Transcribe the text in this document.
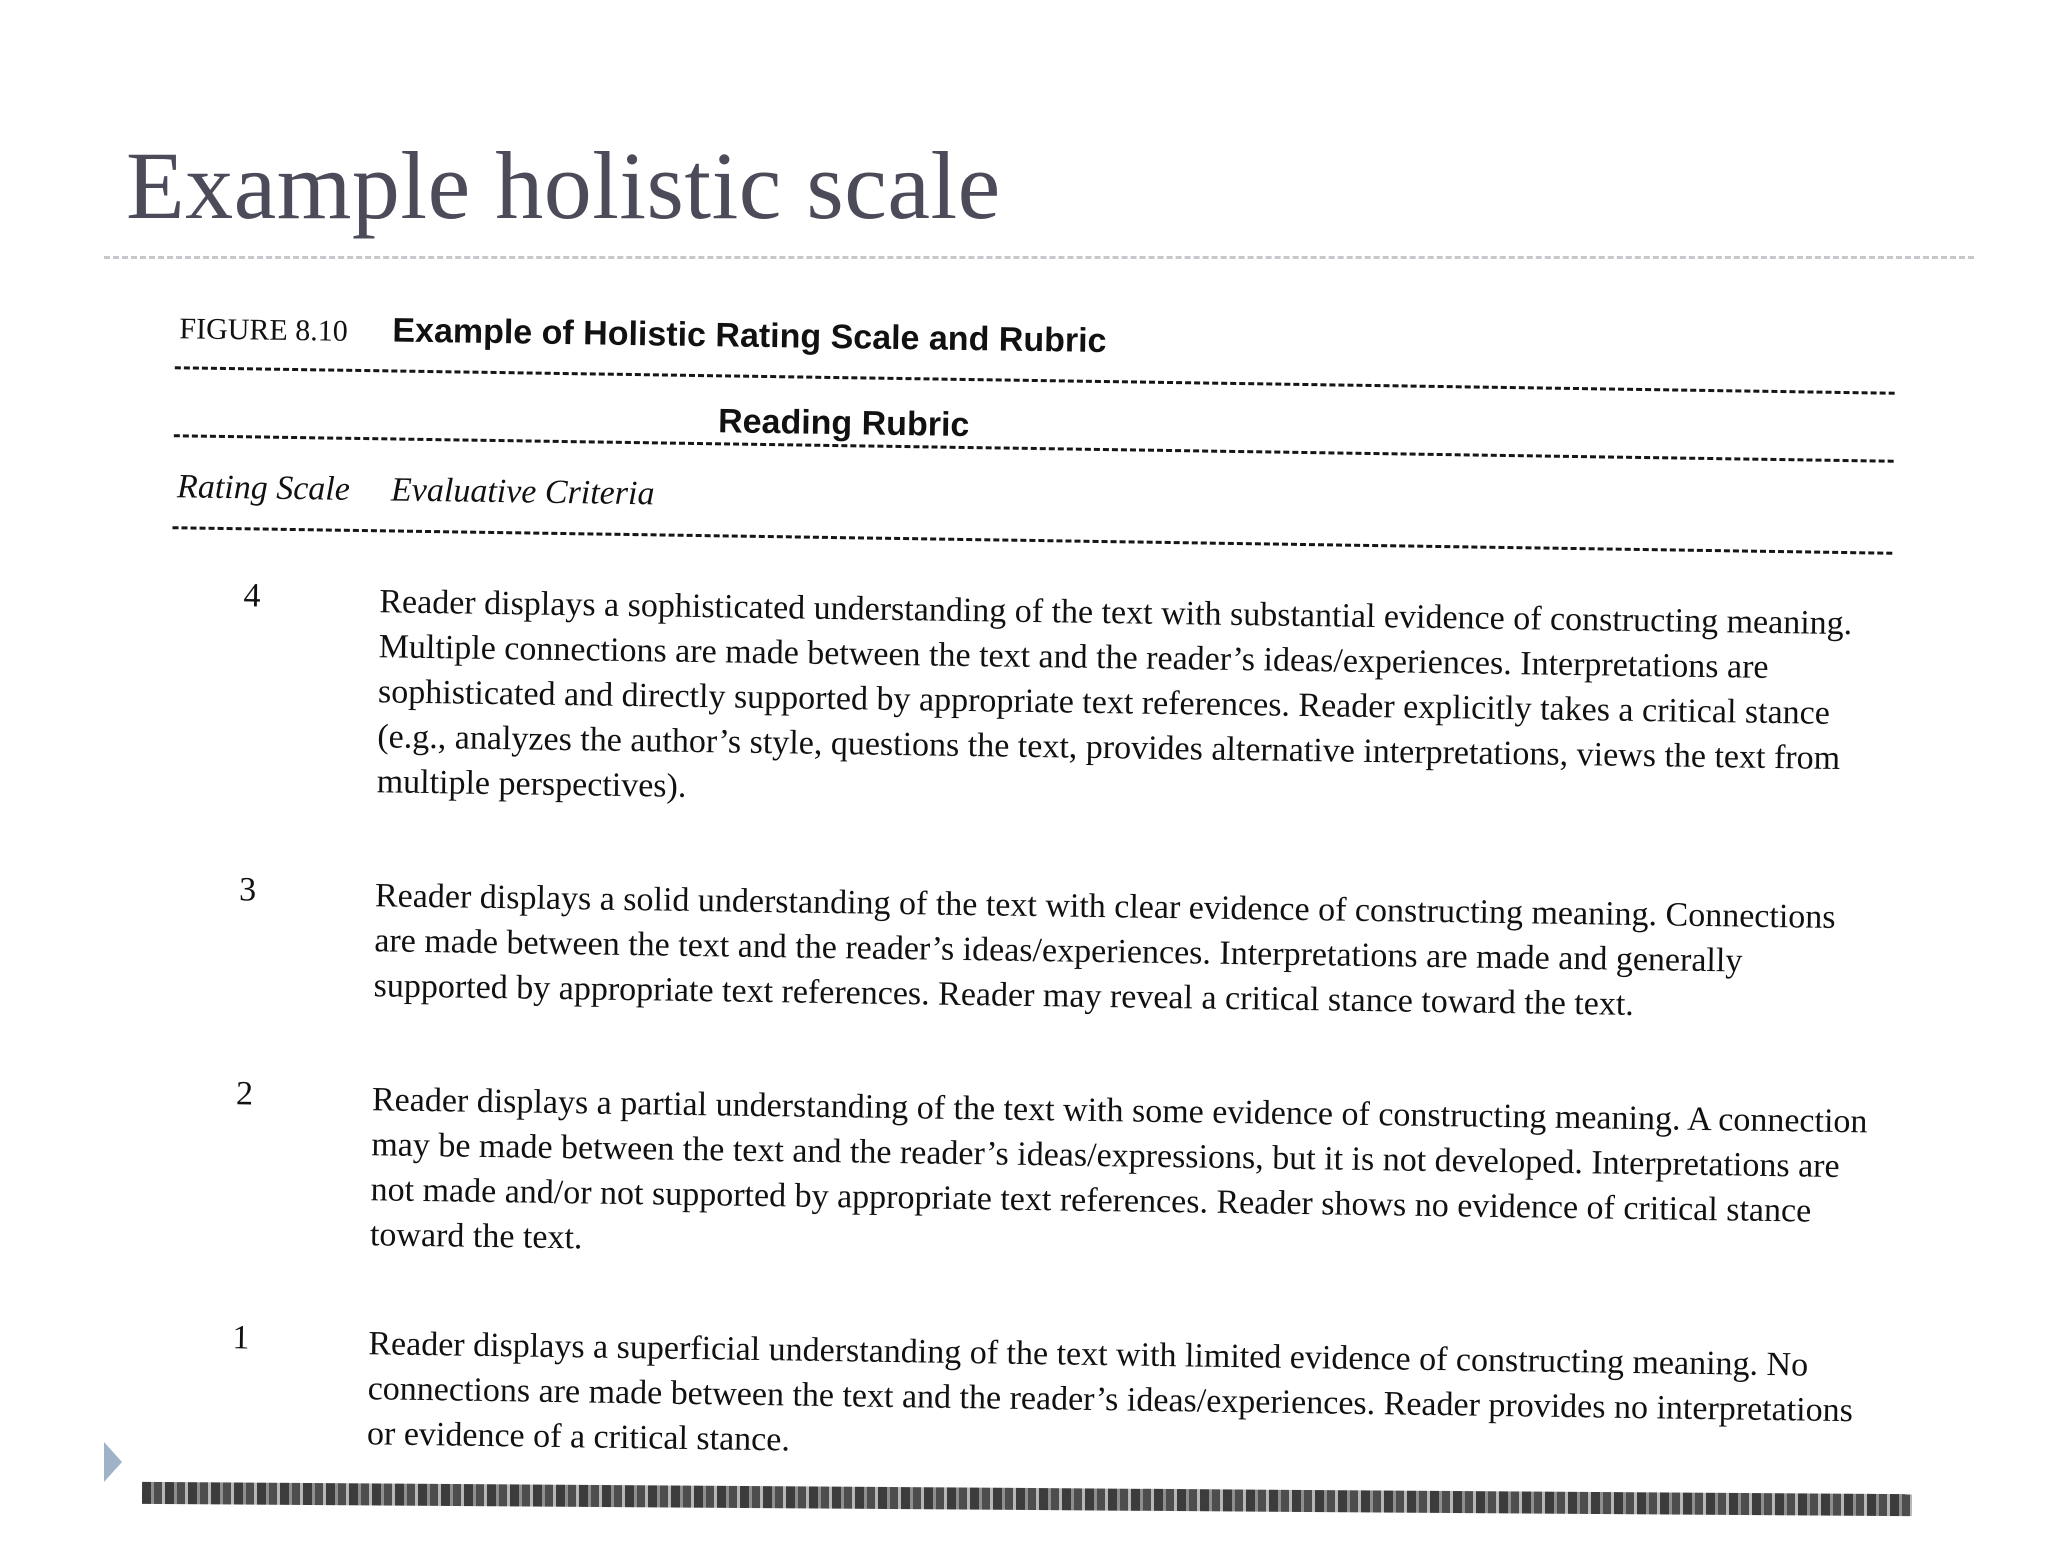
Example holistic scale
FIGURE 8.10 Example of Holistic Rating Scale and Rubric
Reading Rubric
Rating Scale Evaluative Criteria
4	Reader displays a sophisticated understanding of the text with substantial evidence of constructing meaning. Multiple connections are made between the text and the reader’s ideas/experiences. Interpretations are sophisticated and directly supported by appropriate text references. Reader explicitly takes a critical stance (e.g., analyzes the author’s style, questions the text, provides alternative interpretations, views the text from multiple perspectives).
3	Reader displays a solid understanding of the text with clear evidence of constructing meaning. Connections are made between the text and the reader’s ideas/experiences. Interpretations are made and generally supported by appropriate text references. Reader may reveal a critical stance toward the text.
2	Reader displays a partial understanding of the text with some evidence of constructing meaning. A connection may be made between the text and the reader’s ideas/expressions, but it is not developed. Interpretations are not made and/or not supported by appropriate text references. Reader shows no evidence of critical stance toward the text.
1	Reader displays a superficial understanding of the text with limited evidence of constructing meaning. No connections are made between the text and the reader’s ideas/experiences. Reader provides no interpretations or evidence of a critical stance.
